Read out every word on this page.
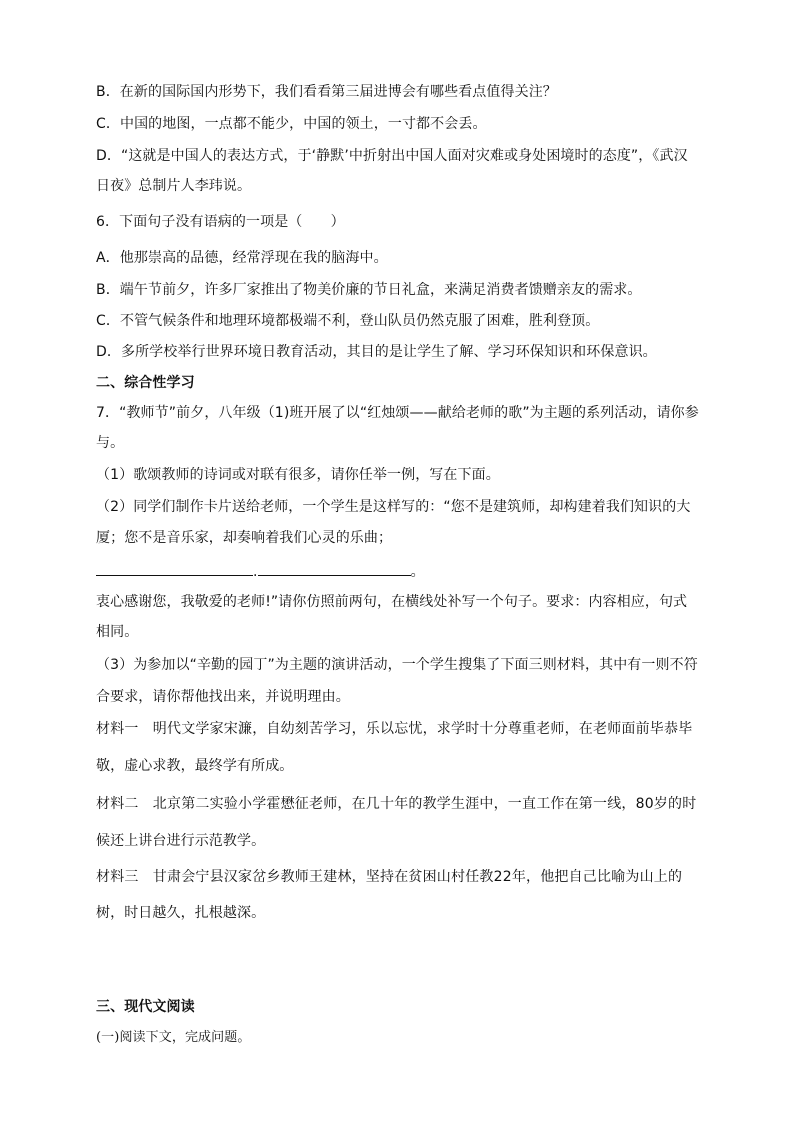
B．在新的国际国内形势下，我们看看第三届进博会有哪些看点值得关注？
C．中国的地图，一点都不能少，中国的领土，一寸都不会丢。
D．“这就是中国人的表达方式，于‘静默’中折射出中国人面对灾难或身处困境时的态度”，《武汉
日夜》总制片人李玮说。
6．下面句子没有语病的一项是（　　）
A．他那崇高的品德，经常浮现在我的脑海中。
B．端午节前夕，许多厂家推出了物美价廉的节日礼盒，来满足消费者馈赠亲友的需求。
C．不管气候条件和地理环境都极端不利，登山队员仍然克服了困难，胜利登顶。
D．多所学校举行世界环境日教育活动，其目的是让学生了解、学习环保知识和环保意识。
二、综合性学习
7．“教师节”前夕，八年级（1)班开展了以“红烛颂——献给老师的歌”为主题的系列活动，请你参
与。
（1）歌颂教师的诗词或对联有很多，请你任举一例，写在下面。
（2）同学们制作卡片送给老师，一个学生是这样写的：“您不是建筑师，却构建着我们知识的大
厦；您不是音乐家，却奏响着我们心灵的乐曲；
.	。
衷心感谢您，我敬爱的老师!”请你仿照前两句，在横线处补写一个句子。要求：内容相应，句式
相同。
（3）为参加以“辛勤的园丁”为主题的演讲活动，一个学生搜集了下面三则材料，其中有一则不符
合要求，请你帮他找出来，并说明理由。
材料一　明代文学家宋濂，自幼刻苦学习，乐以忘忧，求学时十分尊重老师，在老师面前毕恭毕
敬，虚心求教，最终学有所成。
材料二　北京第二实验小学霍懋征老师，在几十年的教学生涯中，一直工作在第一线，80岁的时
候还上讲台进行示范教学。
材料三　甘肃会宁县汉家岔乡教师王建林，坚持在贫困山村任教22年，他把自己比喻为山上的
树，时日越久，扎根越深。
三、现代文阅读
(一)阅读下文，完成问题。
